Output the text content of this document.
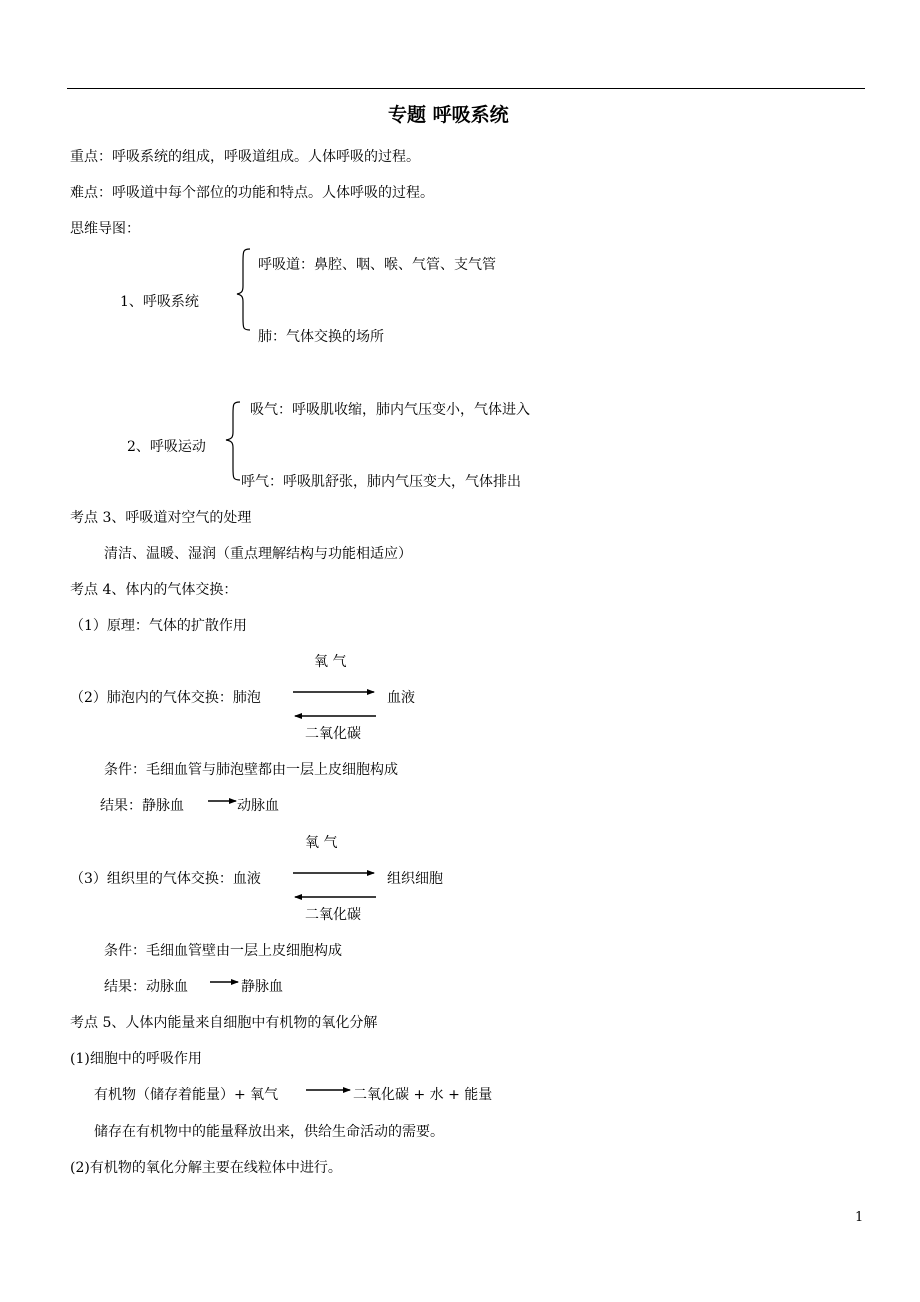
专题 呼吸系统
重点：呼吸系统的组成，呼吸道组成。人体呼吸的过程。
难点：呼吸道中每个部位的功能和特点。人体呼吸的过程。
思维导图：
1、呼吸系统
呼吸道：鼻腔、咽、喉、气管、支气管
肺：气体交换的场所
2、呼吸运动
吸气：呼吸肌收缩，肺内气压变小，气体进入
呼气：呼吸肌舒张，肺内气压变大，气体排出
考点 3、呼吸道对空气的处理
清洁、温暖、湿润（重点理解结构与功能相适应）
考点 4、体内的气体交换：
（1）原理：气体的扩散作用
氧 气
（2）肺泡内的气体交换：肺泡	血液
二氧化碳
条件：毛细血管与肺泡壁都由一层上皮细胞构成
结果：静脉血	动脉血
氧 气
（3）组织里的气体交换：血液	组织细胞
二氧化碳
条件：毛细血管壁由一层上皮细胞构成
结果：动脉血	静脉血
考点 5、人体内能量来自细胞中有机物的氧化分解
(1)细胞中的呼吸作用
有机物（储存着能量）+ 氧气	二氧化碳 + 水 + 能量
储存在有机物中的能量释放出来，供给生命活动的需要。
(2)有机物的氧化分解主要在线粒体中进行。
1
